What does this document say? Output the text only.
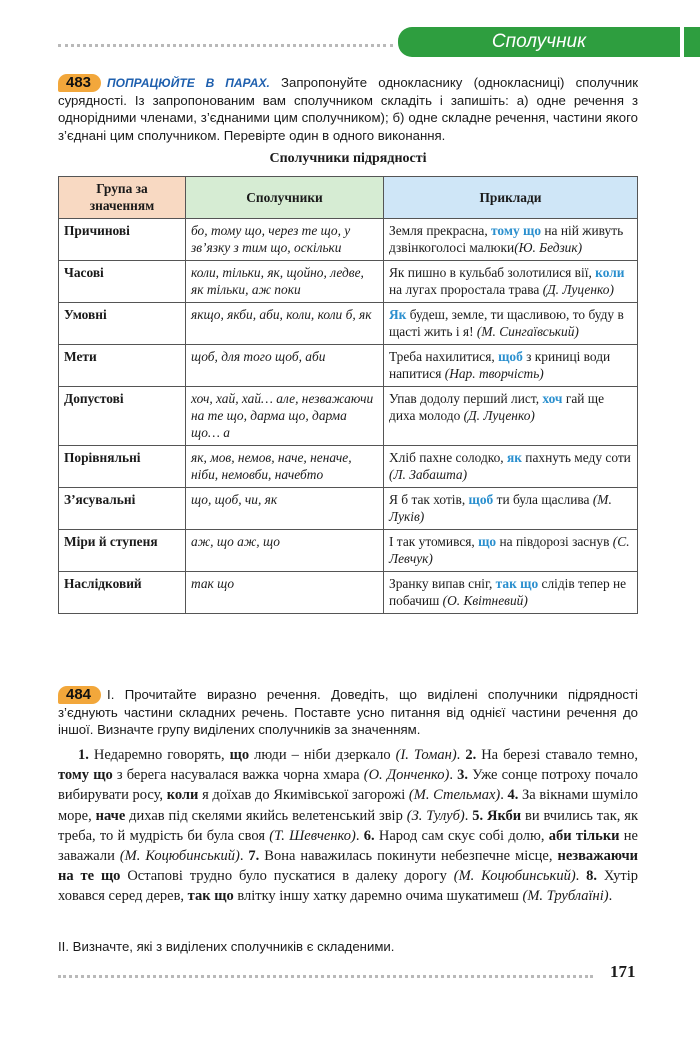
Сполучник
483 ПОПРАЦЮЙТЕ В ПАРАХ. Запропонуйте однокласнику (однокласниці) сполучник сурядності. Із запропонованим вам сполучником складіть і запишіть: а) одне речення з однорідними членами, з’єднаними цим сполучником); б) одне складне речення, частини якого з’єднані цим сполучником. Перевірте один в одного виконання.
Сполучники підрядності
Група за значенням	Сполучники	Приклади
Причинові	бо, тому що, через те що, у зв’язку з тим що, оскільки	Земля прекрасна, тому що на ній живуть дзвінкоголосі малюки(Ю. Бедзик)
Часові	коли, тільки, як, щойно, ледве, як тільки, аж поки	Як пишно в кульбаб золотилися вії, коли на лугах проростала трава (Д. Луценко)
Умовні	якщо, якби, аби, коли, коли б, як	Як будеш, земле, ти щасливою, то буду в щасті жить і я! (М. Сингаївський)
Мети	щоб, для того щоб, аби	Треба нахилитися, щоб з криниці води напитися (Нар. творчість)
Допустові	хоч, хай, хай… але, незважаючи на те що, дарма що, дарма що… а	Упав додолу перший лист, хоч гай ще диха молодо (Д. Луценко)
Порівняльні	як, мов, немов, наче, неначе, ніби, немовби, начебто	Хліб пахне солодко, як пахнуть меду соти (Л. Забашта)
З’ясувальні	що, щоб, чи, як	Я б так хотів, щоб ти була щаслива (М. Луків)
Міри й ступеня	аж, що аж, що	І так утомився, що на півдорозі заснув (С. Левчук)
Наслідковий	так що	Зранку випав сніг, так що слідів тепер не побачиш (О. Квітневий)
484 І. Прочитайте виразно речення. Доведіть, що виділені сполучники підрядності з’єднують частини складних речень. Поставте усно питання від однієї частини речення до іншої. Визначте групу виділених сполучників за значенням.
1. Недаремно говорять, що люди – ніби дзеркало (І. Томан). 2. На березі ставало темно, тому що з берега насувалася важка чорна хмара (О. Донченко). 3. Уже сонце потроху почало вибирувати росу, коли я доїхав до Якимівської загорожі (М. Стельмах). 4. За вікнами шуміло море, наче дихав під скелями якийсь велетенський звір (З. Тулуб). 5. Якби ви вчились так, як треба, то й мудрість би була своя (Т. Шевченко). 6. Народ сам скує собі долю, аби тільки не заважали (М. Коцюбинський). 7. Вона наважилась покинути небезпечне місце, незважаючи на те що Остапові трудно було пускатися в далеку дорогу (М. Коцюбинський). 8. Хутір ховався серед дерев, так що влітку іншу хатку даремно очима шукатимеш (М. Трублаїні).
ІІ. Визначте, які з виділених сполучників є складеними.
171
